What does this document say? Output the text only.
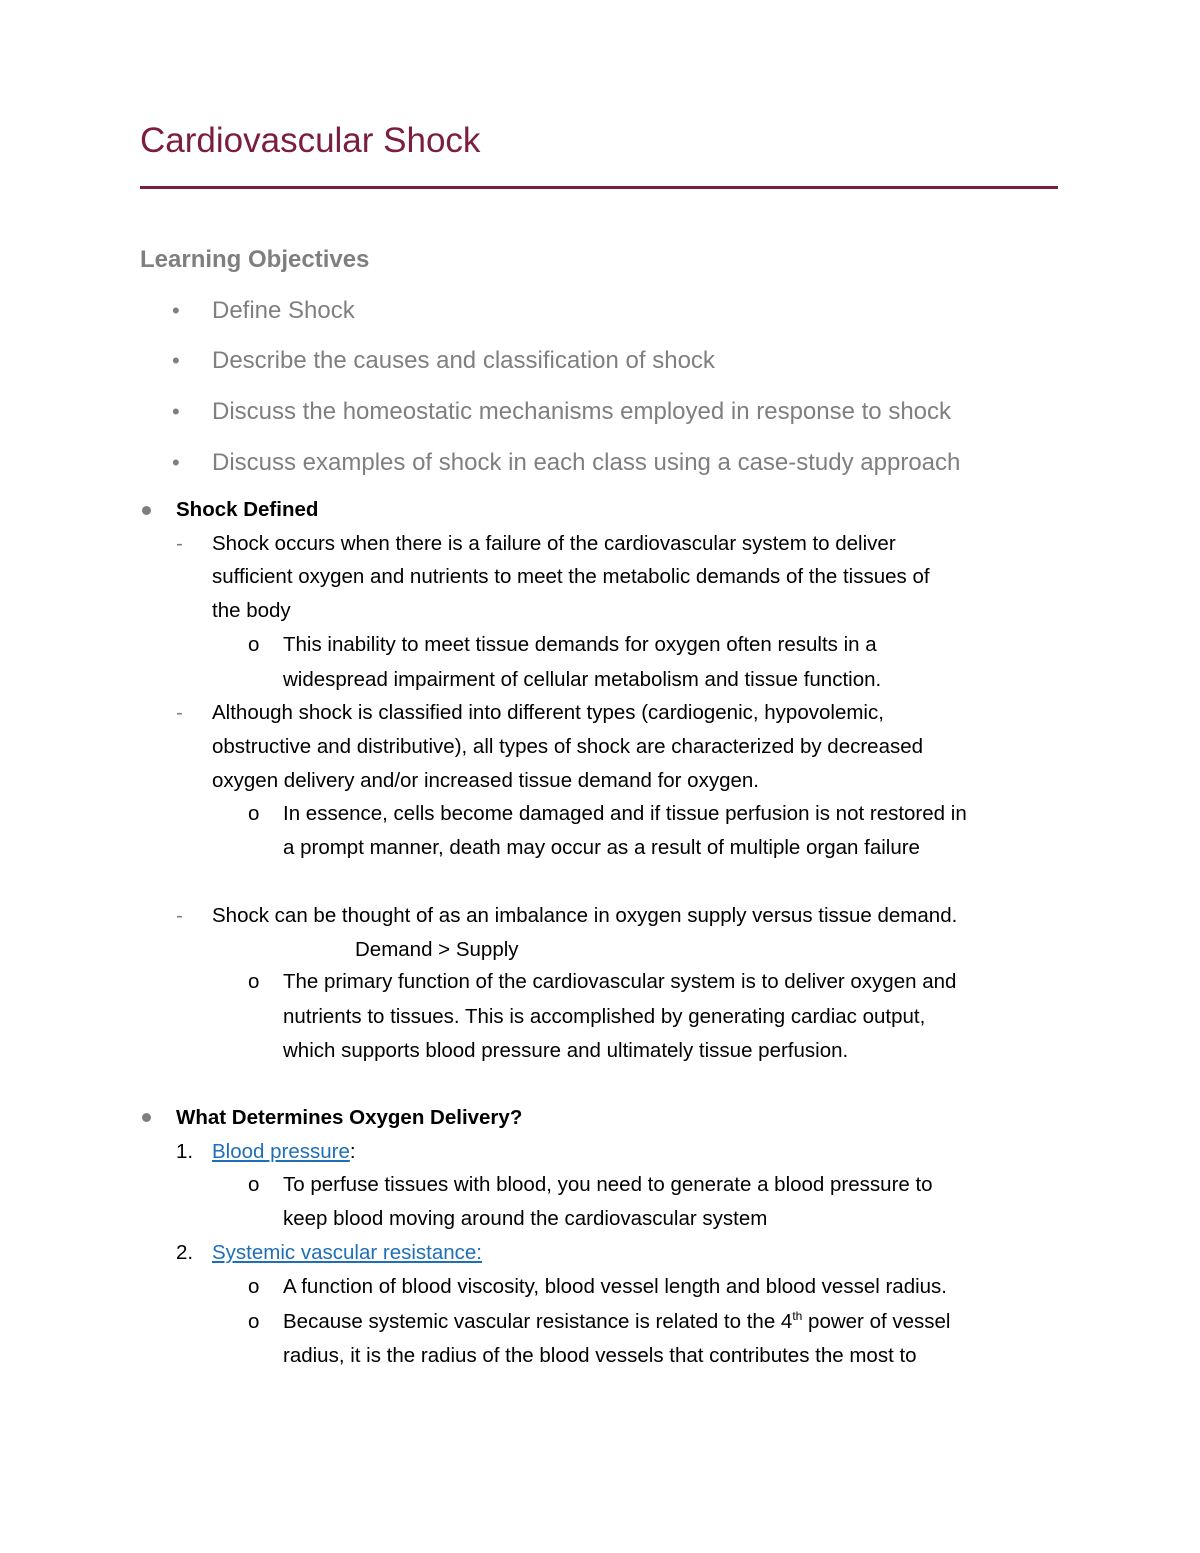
Cardiovascular Shock
Learning Objectives
• Define Shock
• Describe the causes and classification of shock
• Discuss the homeostatic mechanisms employed in response to shock
• Discuss examples of shock in each class using a case-study approach
Shock Defined
- Shock occurs when there is a failure of the cardiovascular system to deliver
sufficient oxygen and nutrients to meet the metabolic demands of the tissues of
the body
o This inability to meet tissue demands for oxygen often results in a
widespread impairment of cellular metabolism and tissue function.
- Although shock is classified into different types (cardiogenic, hypovolemic,
obstructive and distributive), all types of shock are characterized by decreased
oxygen delivery and/or increased tissue demand for oxygen.
o In essence, cells become damaged and if tissue perfusion is not restored in
a prompt manner, death may occur as a result of multiple organ failure
- Shock can be thought of as an imbalance in oxygen supply versus tissue demand.
Demand > Supply
o The primary function of the cardiovascular system is to deliver oxygen and
nutrients to tissues. This is accomplished by generating cardiac output,
which supports blood pressure and ultimately tissue perfusion.
What Determines Oxygen Delivery?
1. Blood pressure:
o To perfuse tissues with blood, you need to generate a blood pressure to
keep blood moving around the cardiovascular system
2. Systemic vascular resistance:
o A function of blood viscosity, blood vessel length and blood vessel radius.
o Because systemic vascular resistance is related to the 4th power of vessel
radius, it is the radius of the blood vessels that contributes the most to
